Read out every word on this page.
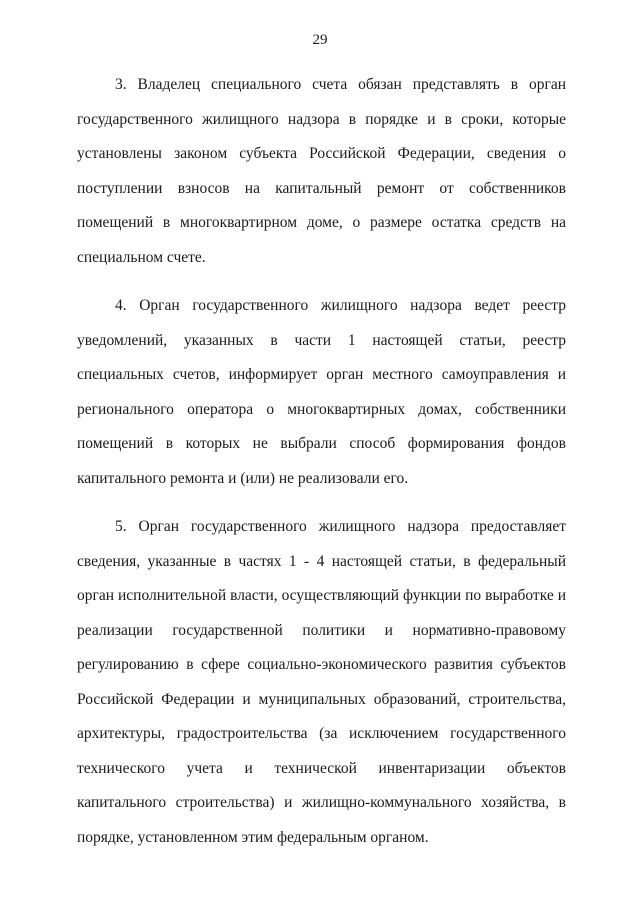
29

3. Владелец специального счета обязан представлять в орган государственного жилищного надзора в порядке и в сроки, которые установлены законом субъекта Российской Федерации, сведения о поступлении взносов на капитальный ремонт от собственников помещений в многоквартирном доме, о размере остатка средств на специальном счете.

4. Орган государственного жилищного надзора ведет реестр уведомлений, указанных в части 1 настоящей статьи, реестр специальных счетов, информирует орган местного самоуправления и регионального оператора о многоквартирных домах, собственники помещений в которых не выбрали способ формирования фондов капитального ремонта и (или) не реализовали его.

5. Орган государственного жилищного надзора предоставляет сведения, указанные в частях 1 - 4 настоящей статьи, в федеральный орган исполнительной власти, осуществляющий функции по выработке и реализации государственной политики и нормативно-правовому регулированию в сфере социально-экономического развития субъектов Российской Федерации и муниципальных образований, строительства, архитектуры, градостроительства (за исключением государственного технического учета и технической инвентаризации объектов капитального строительства) и жилищно-коммунального хозяйства, в порядке, установленном этим федеральным органом.
